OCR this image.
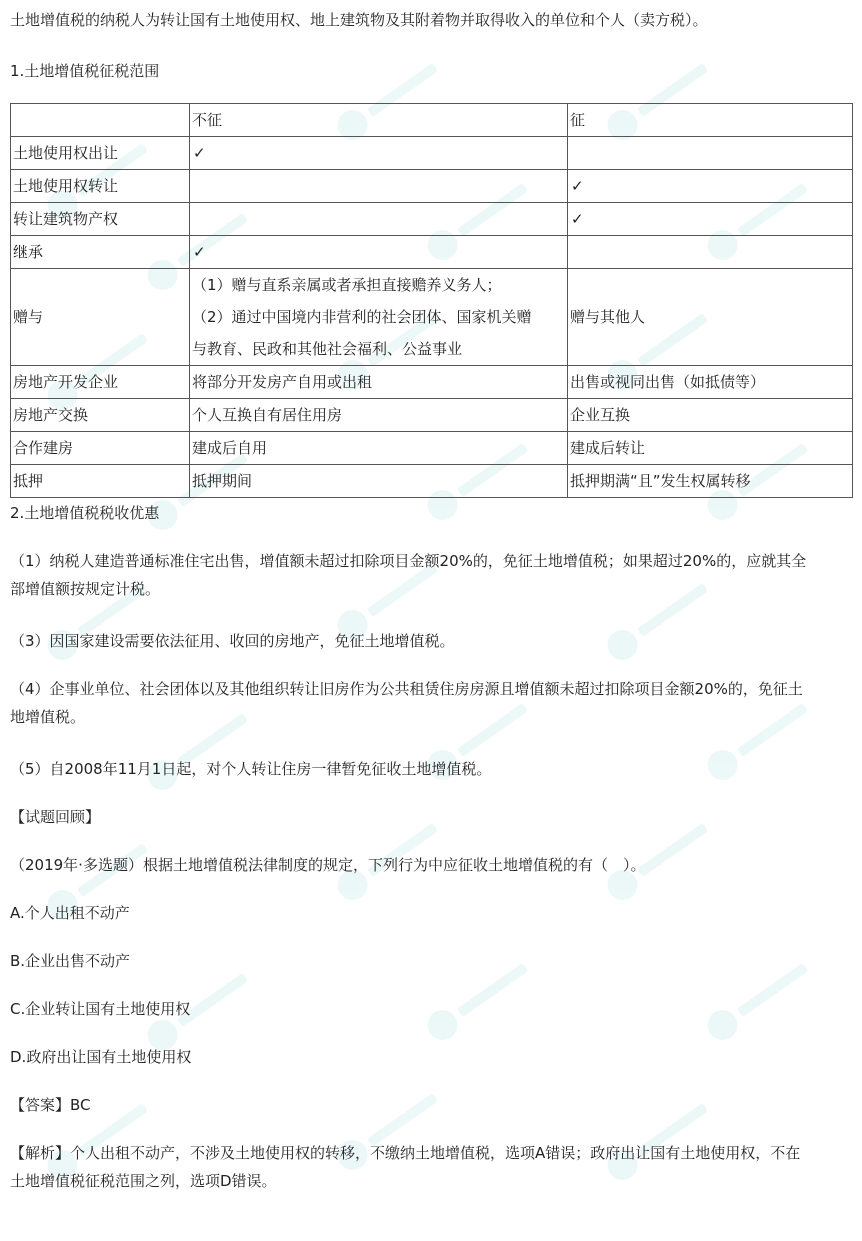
土地增值税的纳税人为转让国有土地使用权、地上建筑物及其附着物并取得收入的单位和个人（卖方税）。

1.土地增值税征税范围

	不征	征
土地使用权出让	✓	
土地使用权转让		✓
转让建筑物产权		✓
继承	✓	
赠与	（1）赠与直系亲属或者承担直接赡养义务人；
（2）通过中国境内非营利的社会团体、国家机关赠
与教育、民政和其他社会福利、公益事业	赠与其他人
房地产开发企业	将部分开发房产自用或出租	出售或视同出售（如抵债等）
房地产交换	个人互换自有居住用房	企业互换
合作建房	建成后自用	建成后转让
抵押	抵押期间	抵押期满“且”发生权属转移

2.土地增值税税收优惠

（1）纳税人建造普通标准住宅出售，增值额未超过扣除项目金额20%的，免征土地增值税；如果超过20%的，应就其全
部增值额按规定计税。

（3）因国家建设需要依法征用、收回的房地产，免征土地增值税。

（4）企事业单位、社会团体以及其他组织转让旧房作为公共租赁住房房源且增值额未超过扣除项目金额20%的，免征土
地增值税。

（5）自2008年11月1日起，对个人转让住房一律暂免征收土地增值税。

【试题回顾】

（2019年·多选题）根据土地增值税法律制度的规定，下列行为中应征收土地增值税的有（　）。

A.个人出租不动产

B.企业出售不动产

C.企业转让国有土地使用权

D.政府出让国有土地使用权

【答案】BC

【解析】个人出租不动产，不涉及土地使用权的转移，不缴纳土地增值税，选项A错误；政府出让国有土地使用权，不在
土地增值税征税范围之列，选项D错误。
